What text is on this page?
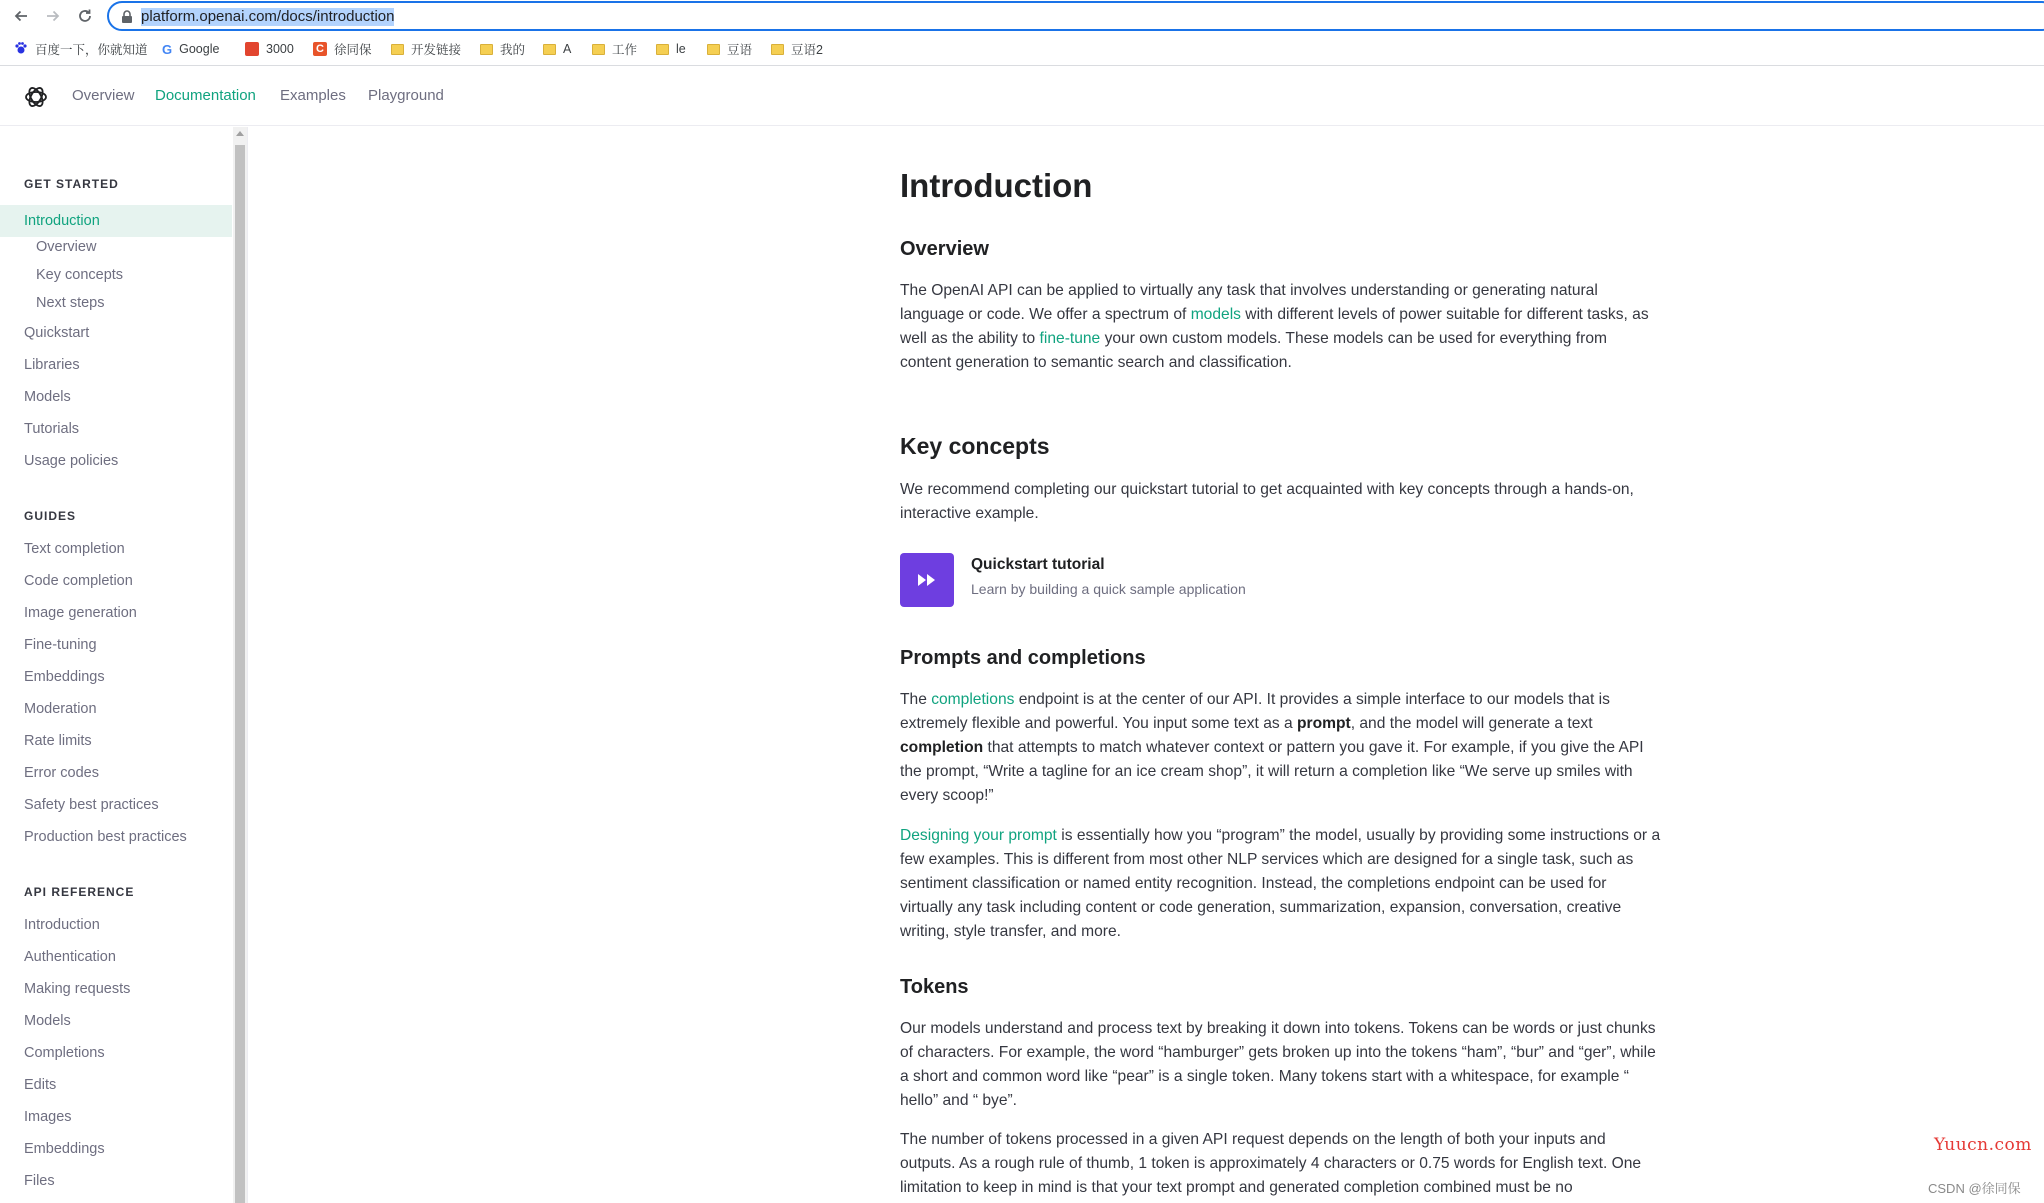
platform.openai.com/docs/introduction
百度一下，你就知道 G Google	3000 C 徐同保	开发链接	我的	A	工作	le	豆语	豆语2
Overview Documentation Examples Playground
GET STARTED
Introduction
Overview
Key concepts
Next steps
Quickstart
Libraries
Models
Tutorials
Usage policies
GUIDES
Text completion
Code completion
Image generation
Fine-tuning
Embeddings
Moderation
Rate limits
Error codes
Safety best practices
Production best practices
API REFERENCE
Introduction
Authentication
Making requests
Models
Completions
Edits
Images
Embeddings
Files
Introduction
Overview

The OpenAI API can be applied to virtually any task that involves understanding or generating natural language or code. We offer a spectrum of models with different levels of power suitable for different tasks, as well as the ability to fine-tune your own custom models. These models can be used for everything from content generation to semantic search and classification.

Key concepts

We recommend completing our quickstart tutorial to get acquainted with key concepts through a hands-on, interactive example.

Quickstart tutorial
Learn by building a quick sample application
Prompts and completions

The completions endpoint is at the center of our API. It provides a simple interface to our models that is extremely flexible and powerful. You input some text as a prompt, and the model will generate a text completion that attempts to match whatever context or pattern you gave it. For example, if you give the API the prompt, “Write a tagline for an ice cream shop”, it will return a completion like “We serve up smiles with every scoop!”

Designing your prompt is essentially how you “program” the model, usually by providing some instructions or a few examples. This is different from most other NLP services which are designed for a single task, such as sentiment classification or named entity recognition. Instead, the completions endpoint can be used for virtually any task including content or code generation, summarization, expansion, conversation, creative writing, style transfer, and more.

Tokens

Our models understand and process text by breaking it down into tokens. Tokens can be words or just chunks of characters. For example, the word “hamburger” gets broken up into the tokens “ham”, “bur” and “ger”, while a short and common word like “pear” is a single token. Many tokens start with a whitespace, for example “ hello” and “ bye”.

The number of tokens processed in a given API request depends on the length of both your inputs and outputs. As a rough rule of thumb, 1 token is approximately 4 characters or 0.75 words for English text. One limitation to keep in mind is that your text prompt and generated completion combined must be no

Yuucn.com
CSDN @徐同保
